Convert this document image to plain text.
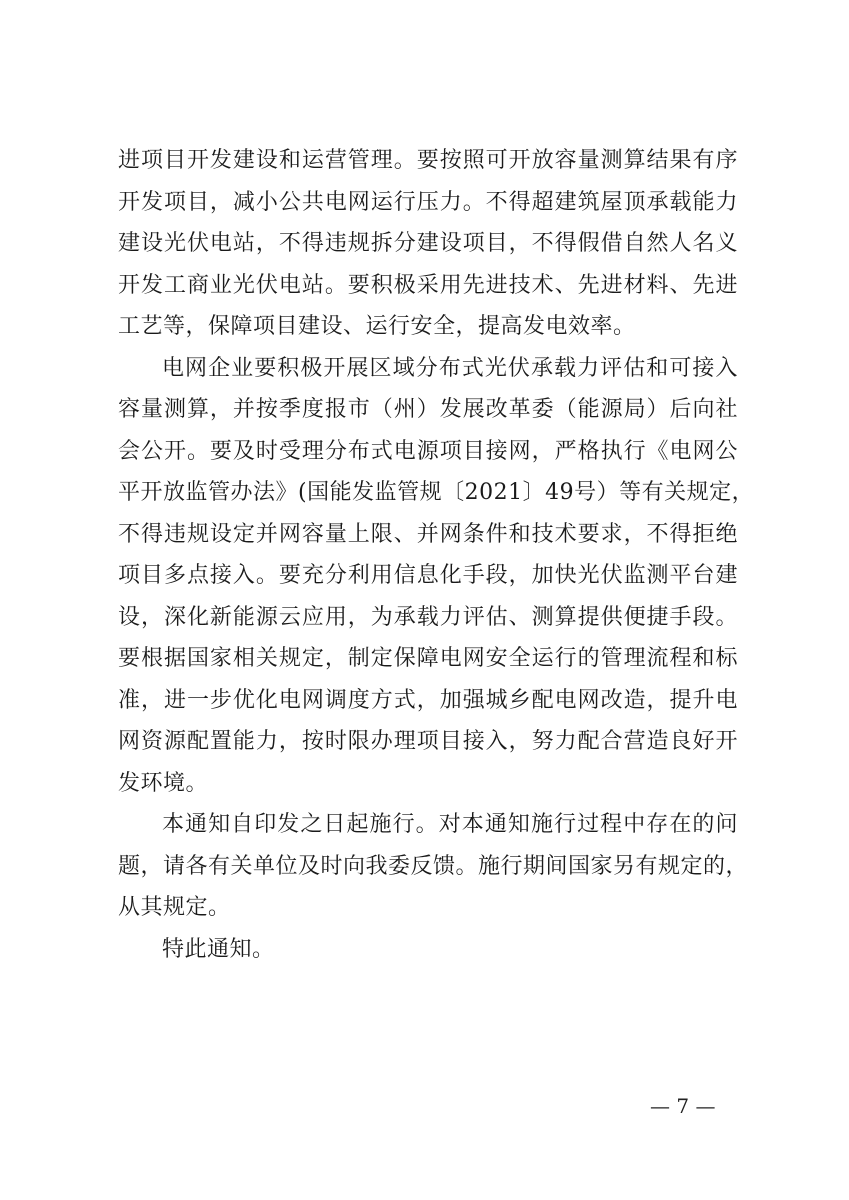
进项目开发建设和运营管理。要按照可开放容量测算结果有序
开发项目，减小公共电网运行压力。不得超建筑屋顶承载能力
建设光伏电站，不得违规拆分建设项目，不得假借自然人名义
开发工商业光伏电站。要积极采用先进技术、先进材料、先进
工艺等，保障项目建设、运行安全，提高发电效率。
电网企业要积极开展区域分布式光伏承载力评估和可接入
容量测算，并按季度报市（州）发展改革委（能源局）后向社
会公开。要及时受理分布式电源项目接网，严格执行《电网公
平开放监管办法》(国能发监管规〔2021〕49号）等有关规定，
不得违规设定并网容量上限、并网条件和技术要求，不得拒绝
项目多点接入。要充分利用信息化手段，加快光伏监测平台建
设，深化新能源云应用，为承载力评估、测算提供便捷手段。
要根据国家相关规定，制定保障电网安全运行的管理流程和标
准，进一步优化电网调度方式，加强城乡配电网改造，提升电
网资源配置能力，按时限办理项目接入，努力配合营造良好开
发环境。
本通知自印发之日起施行。对本通知施行过程中存在的问
题，请各有关单位及时向我委反馈。施行期间国家另有规定的，
从其规定。
特此通知。
— 7 —
